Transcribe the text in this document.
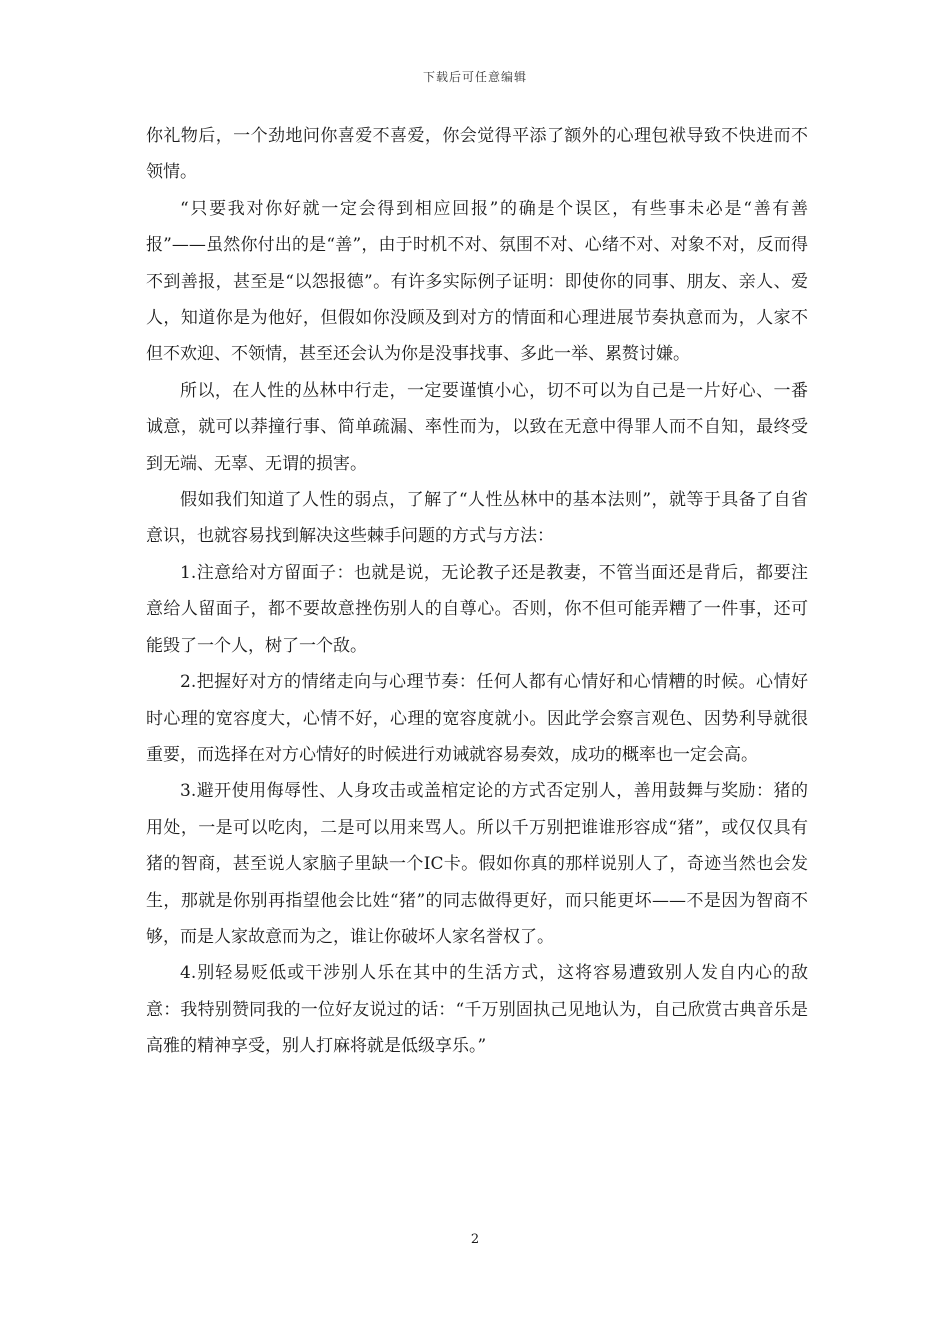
下载后可任意编辑

你礼物后，一个劲地问你喜爱不喜爱，你会觉得平添了额外的心理包袱导致不快进而不领情。

“只要我对你好就一定会得到相应回报”的确是个误区，有些事未必是“善有善报”——虽然你付出的是“善”，由于时机不对、氛围不对、心绪不对、对象不对，反而得不到善报，甚至是“以怨报德”。有许多实际例子证明：即使你的同事、朋友、亲人、爱人，知道你是为他好，但假如你没顾及到对方的情面和心理进展节奏执意而为，人家不但不欢迎、不领情，甚至还会认为你是没事找事、多此一举、累赘讨嫌。

所以，在人性的丛林中行走，一定要谨慎小心，切不可以为自己是一片好心、一番诚意，就可以莽撞行事、简单疏漏、率性而为，以致在无意中得罪人而不自知，最终受到无端、无辜、无谓的损害。

假如我们知道了人性的弱点，了解了“人性丛林中的基本法则”，就等于具备了自省意识，也就容易找到解决这些棘手问题的方式与方法：

1.注意给对方留面子：也就是说，无论教子还是教妻，不管当面还是背后，都要注意给人留面子，都不要故意挫伤别人的自尊心。否则，你不但可能弄糟了一件事，还可能毁了一个人，树了一个敌。

2.把握好对方的情绪走向与心理节奏：任何人都有心情好和心情糟的时候。心情好时心理的宽容度大，心情不好，心理的宽容度就小。因此学会察言观色、因势利导就很重要，而选择在对方心情好的时候进行劝诫就容易奏效，成功的概率也一定会高。

3.避开使用侮辱性、人身攻击或盖棺定论的方式否定别人，善用鼓舞与奖励：猪的用处，一是可以吃肉，二是可以用来骂人。所以千万别把谁谁形容成“猪”，或仅仅具有猪的智商，甚至说人家脑子里缺一个IC卡。假如你真的那样说别人了，奇迹当然也会发生，那就是你别再指望他会比姓“猪”的同志做得更好，而只能更坏——不是因为智商不够，而是人家故意而为之，谁让你破坏人家名誉权了。

4.别轻易贬低或干涉别人乐在其中的生活方式，这将容易遭致别人发自内心的敌意：我特别赞同我的一位好友说过的话：“千万别固执己见地认为，自己欣赏古典音乐是高雅的精神享受，别人打麻将就是低级享乐。”

2
